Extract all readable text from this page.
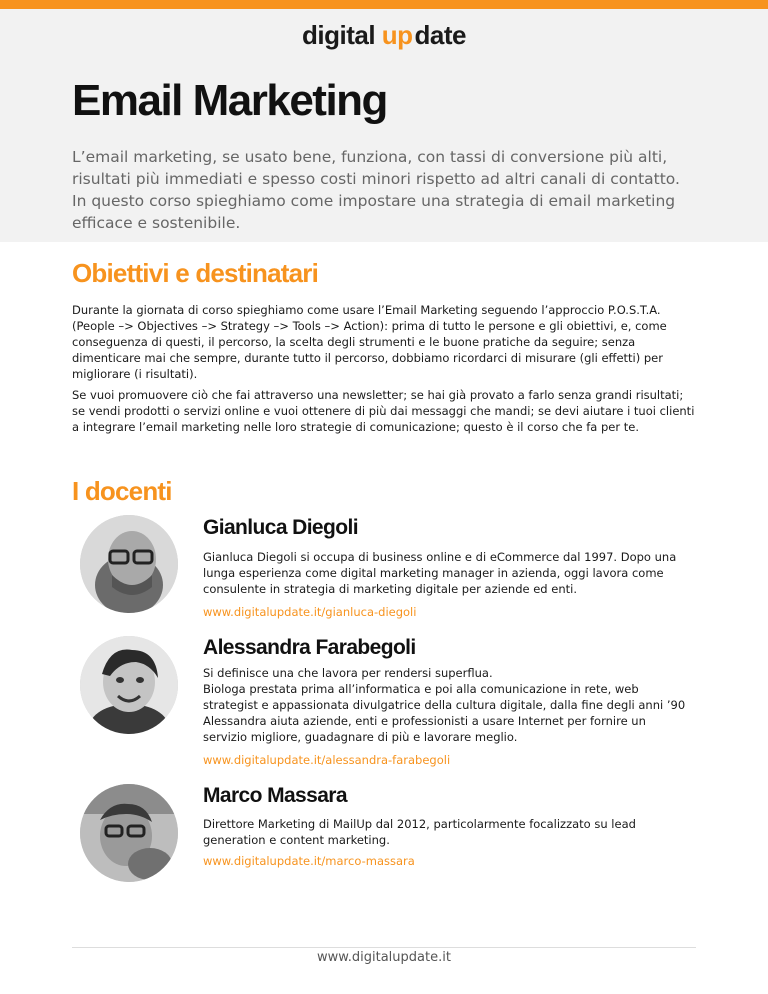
digital update
Email Marketing

L’email marketing, se usato bene, funziona, con tassi di conversione più alti, risultati più immediati e spesso costi minori rispetto ad altri canali di contatto. In questo corso spieghiamo come impostare una strategia di email marketing efficace e sostenibile.

Obiettivi e destinatari

Durante la giornata di corso spieghiamo come usare l’Email Marketing seguendo l’approccio P.O.S.T.A. (People –> Objectives –> Strategy –> Tools –> Action): prima di tutto le persone e gli obiettivi, e, come conseguenza di questi, il percorso, la scelta degli strumenti e le buone pratiche da seguire; senza dimenticare mai che sempre, durante tutto il percorso, dobbiamo ricordarci di misurare (gli effetti) per migliorare (i risultati).

Se vuoi promuovere ciò che fai attraverso una newsletter; se hai già provato a farlo senza grandi risultati; se vendi prodotti o servizi online e vuoi ottenere di più dai messaggi che mandi; se devi aiutare i tuoi clienti a integrare l’email marketing nelle loro strategie di comunicazione; questo è il corso che fa per te.

I docenti
Gianluca Diegoli

Gianluca Diegoli si occupa di business online e di eCommerce dal 1997. Dopo una lunga esperienza come digital marketing manager in azienda, oggi lavora come consulente in strategia di marketing digitale per aziende ed enti.

www.digitalupdate.it/gianluca-diegoli
Alessandra Farabegoli

Si definisce una che lavora per rendersi superflua.

Biologa prestata prima all’informatica e poi alla comunicazione in rete, web strategist e appassionata divulgatrice della cultura digitale, dalla fine degli anni ’90 Alessandra aiuta aziende, enti e professionisti a usare Internet per fornire un servizio migliore, guadagnare di più e lavorare meglio.

www.digitalupdate.it/alessandra-farabegoli
Marco Massara

Direttore Marketing di MailUp dal 2012, particolarmente focalizzato su lead generation e content marketing.

www.digitalupdate.it/marco-massara
www.digitalupdate.it
